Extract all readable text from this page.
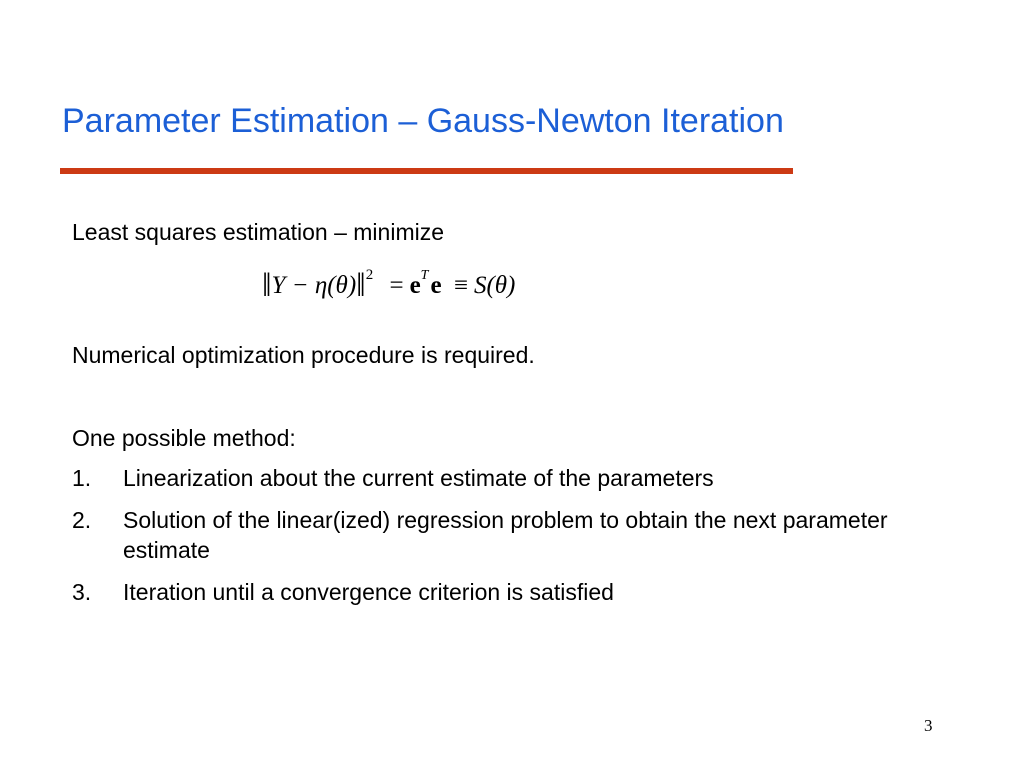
Parameter Estimation – Gauss-Newton Iteration

Least squares estimation – minimize

‖Y − η(θ)‖$^2$ = $e^Te \equiv S(\theta)$

Numerical optimization procedure is required.

One possible method:

1. Linearization about the current estimate of the parameters
2. Solution of the linear(ized) regression problem to obtain the next parameter estimate
3. Iteration until a convergence criterion is satisfied
3
